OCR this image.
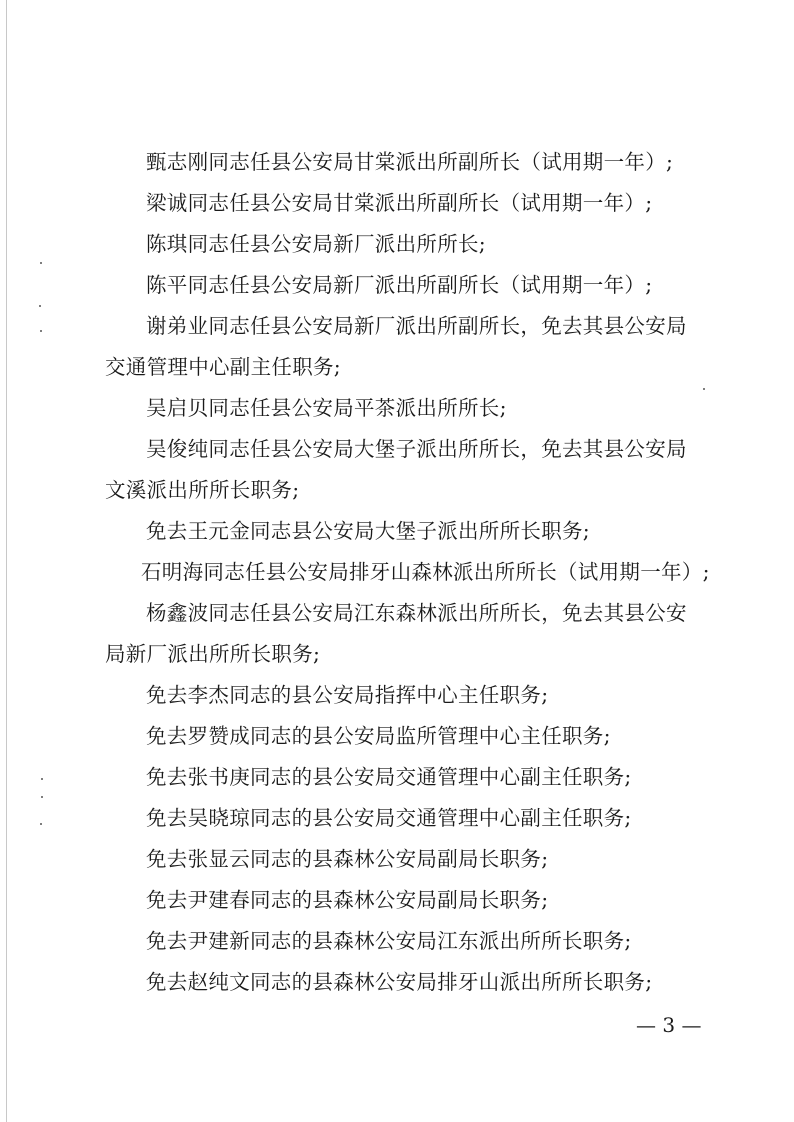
甄志刚同志任县公安局甘棠派出所副所长（试用期一年）;
梁诚同志任县公安局甘棠派出所副所长（试用期一年）;
陈琪同志任县公安局新厂派出所所长;
陈平同志任县公安局新厂派出所副所长（试用期一年）;
谢弟业同志任县公安局新厂派出所副所长，免去其县公安局
交通管理中心副主任职务;
吴启贝同志任县公安局平茶派出所所长;
吴俊纯同志任县公安局大堡子派出所所长，免去其县公安局
文溪派出所所长职务;
免去王元金同志县公安局大堡子派出所所长职务;
石明海同志任县公安局排牙山森林派出所所长（试用期一年）;
杨鑫波同志任县公安局江东森林派出所所长，免去其县公安
局新厂派出所所长职务;
免去李杰同志的县公安局指挥中心主任职务;
免去罗赞成同志的县公安局监所管理中心主任职务;
免去张书庚同志的县公安局交通管理中心副主任职务;
免去吴晓琼同志的县公安局交通管理中心副主任职务;
免去张显云同志的县森林公安局副局长职务;
免去尹建春同志的县森林公安局副局长职务;
免去尹建新同志的县森林公安局江东派出所所长职务;
免去赵纯文同志的县森林公安局排牙山派出所所长职务;
— 3 —
